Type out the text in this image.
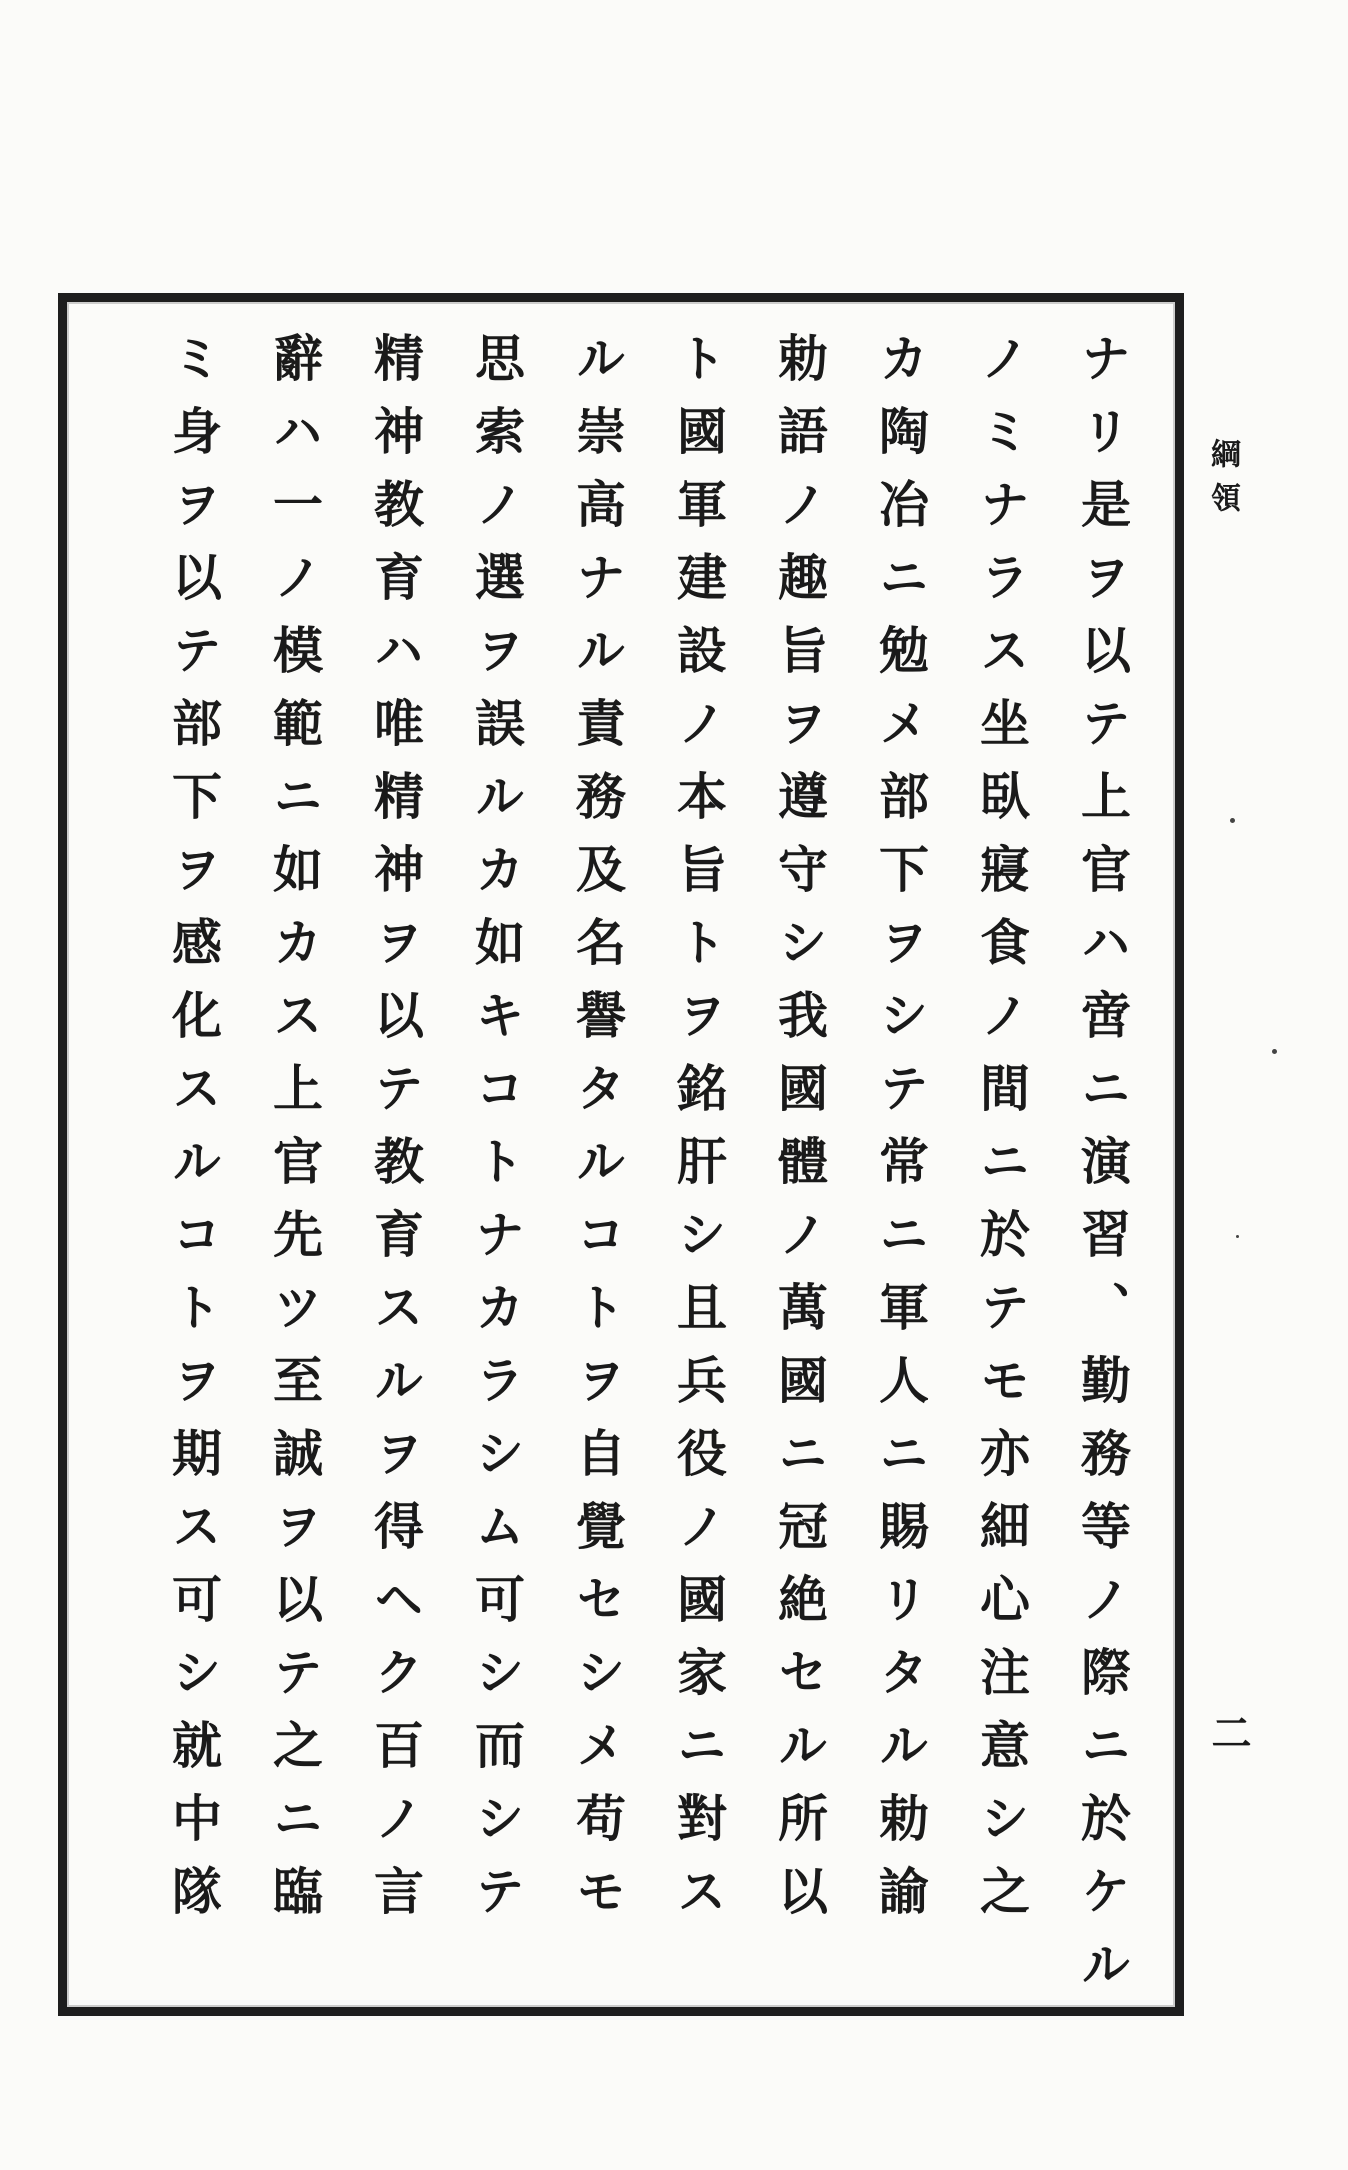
綱領
ナリ是ヲ以テ上官ハ啻ニ演習、勤務等ノ際ニ於ケル
ノミナラス坐臥寢食ノ間ニ於テモ亦細心注意シ之
カ陶冶ニ勉メ部下ヲシテ常ニ軍人ニ賜リタル勅諭
勅語ノ趣旨ヲ遵守シ我國體ノ萬國ニ冠絶セル所以
ト國軍建設ノ本旨トヲ銘肝シ且兵役ノ國家ニ對ス
ル崇高ナル責務及名譽タルコトヲ自覺セシメ苟モ
思索ノ選ヲ誤ルカ如キコトナカラシム可シ而シテ
精神教育ハ唯精神ヲ以テ教育スルヲ得ヘク百ノ言
辭ハ一ノ模範ニ如カス上官先ツ至誠ヲ以テ之ニ臨
ミ身ヲ以テ部下ヲ感化スルコトヲ期ス可シ就中隊	二
